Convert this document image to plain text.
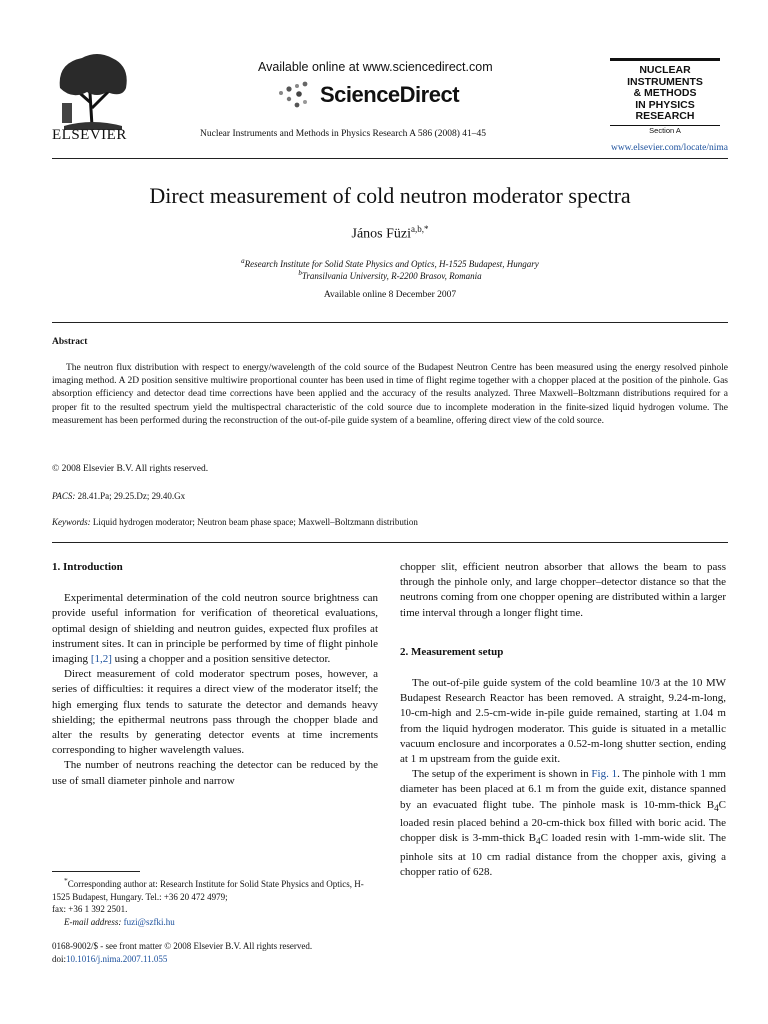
ELSEVIER
Available online at www.sciencedirect.com
ScienceDirect
Nuclear Instruments and Methods in Physics Research A 586 (2008) 41–45
NUCLEAR
INSTRUMENTS
& METHODS
IN PHYSICS
RESEARCH
Section A
www.elsevier.com/locate/nima
Direct measurement of cold neutron moderator spectra
János Füzi$^{a,b,*}$
$^a$Research Institute for Solid State Physics and Optics, H-1525 Budapest, Hungary
$^b$Transilvania University, R-2200 Brasov, Romania
Available online 8 December 2007
Abstract

The neutron flux distribution with respect to energy/wavelength of the cold source of the Budapest Neutron Centre has been measured using the energy resolved pinhole imaging method. A 2D position sensitive multiwire proportional counter has been used in time of flight regime together with a chopper placed at the position of the pinhole. Gas absorption efficiency and detector dead time corrections have been applied and the accuracy of the results analyzed. Three Maxwell–Boltzmann distributions required for a proper fit to the resulted spectrum yield the multispectral characteristic of the cold source due to incomplete moderation in the finite-sized liquid hydrogen volume. The measurement has been performed during the reconstruction of the out-of-pile guide system of a beamline, offering direct view of the cold source.

© 2008 Elsevier B.V. All rights reserved.
PACS: 28.41.Pa; 29.25.Dz; 29.40.Gx
Keywords: Liquid hydrogen moderator; Neutron beam phase space; Maxwell–Boltzmann distribution
1. Introduction

Experimental determination of the cold neutron source brightness can provide useful information for verification of theoretical evaluations, optimal design of shielding and neutron guides, expected flux profiles at instrument sites. It can in principle be performed by time of flight pinhole imaging [1,2] using a chopper and a position sensitive detector.

Direct measurement of cold moderator spectrum poses, however, a series of difficulties: it requires a direct view of the moderator itself; the high emerging flux tends to saturate the detector and demands heavy shielding; the epithermal neutrons pass through the chopper blade and alter the results by generating detector events at time increments corresponding to higher wavelength values.

The number of neutrons reaching the detector can be reduced by the use of small diameter pinhole and narrow

*Corresponding author at: Research Institute for Solid State Physics and Optics, H-1525 Budapest, Hungary. Tel.: +36 20 472 4979;
fax: +36 1 392 2501.
E-mail address: fuzi@szfki.hu
0168-9002/$ - see front matter © 2008 Elsevier B.V. All rights reserved.
doi:10.1016/j.nima.2007.11.055

chopper slit, efficient neutron absorber that allows the beam to pass through the pinhole only, and large chopper–detector distance so that the neutrons coming from one chopper opening are distributed within a larger time interval through a longer flight time.

2. Measurement setup

The out-of-pile guide system of the cold beamline 10/3 at the 10 MW Budapest Research Reactor has been removed. A straight, 9.24-m-long, 10-cm-high and 2.5-cm-wide in-pile guide remained, starting at 1.04 m from the liquid hydrogen moderator. This guide is situated in a metallic vacuum enclosure and incorporates a 0.52-m-long shutter section, ending at 1 m upstream from the guide exit.

The setup of the experiment is shown in Fig. 1. The pinhole with 1 mm diameter has been placed at 6.1 m from the guide exit, distance spanned by an evacuated flight tube. The pinhole mask is 10-mm-thick $B_4C$ loaded resin placed behind a 20-cm-thick box filled with boric acid. The chopper disk is 3-mm-thick $B_4C$ loaded resin with 1-mm-wide slit. The pinhole sits at 10 cm radial distance from the chopper axis, giving a chopper ratio of 628.
